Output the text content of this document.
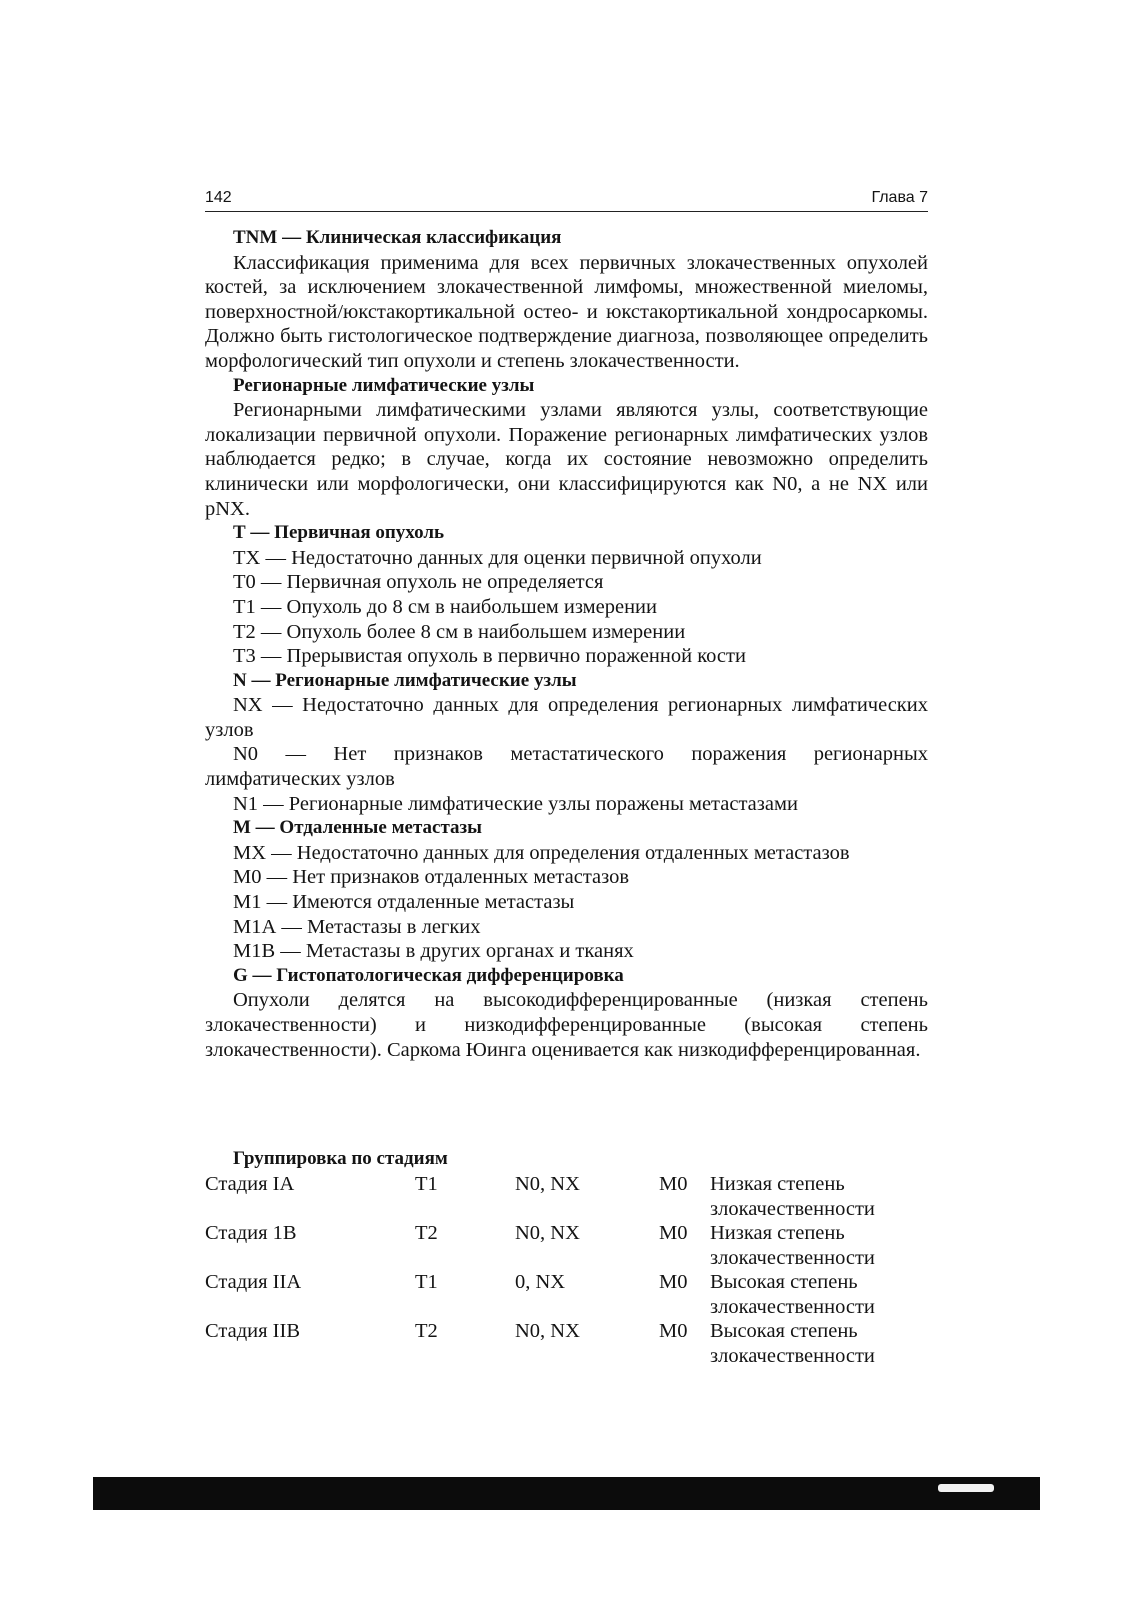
142	Глава 7

TNM — Клиническая классификация

Классификация применима для всех первичных злокачественных опухолей костей, за исключением злокачественной лимфомы, множественной миеломы, поверхностной/юкстакортикальной остео- и юкстакортикальной хондросаркомы. Должно быть гистологическое подтверждение диагноза, позволяющее определить морфологический тип опухоли и степень злокачественности.

Регионарные лимфатические узлы

Регионарными лимфатическими узлами являются узлы, соответствующие локализации первичной опухоли. Поражение регионарных лимфатических узлов наблюдается редко; в случае, когда их состояние невозможно определить клинически или морфологически, они классифицируются как N0, а не NX или pNX.

Т — Первичная опухоль

ТХ — Недостаточно данных для оценки первичной опухоли

Т0 — Первичная опухоль не определяется

Т1 — Опухоль до 8 см в наибольшем измерении

Т2 — Опухоль более 8 см в наибольшем измерении

Т3 — Прерывистая опухоль в первично пораженной кости

N — Регионарные лимфатические узлы

NX — Недостаточно данных для определения регионарных лимфатических узлов

N0 — Нет признаков метастатического поражения регионарных лимфатических узлов

N1 — Регионарные лимфатические узлы поражены метастазами

М — Отдаленные метастазы

МХ — Недостаточно данных для определения отдаленных метастазов

М0 — Нет признаков отдаленных метастазов

М1 — Имеются отдаленные метастазы

М1А — Метастазы в легких

М1В — Метастазы в других органах и тканях

G — Гистопатологическая дифференцировка

Опухоли делятся на высокодифференцированные (низкая степень злокачественности) и низкодифференцированные (высокая степень злокачественности). Саркома Юинга оценивается как низкодифференцированная.

Группировка по стадиям
Стадия IA	T1	N0, NX	M0 Низкая степень злокачественности
Стадия 1B	T2	N0, NX	M0 Низкая степень злокачественности
Стадия IIA	T1	0, NX	M0 Высокая степень злокачественности
Стадия IIB	T2	N0, NX	M0 Высокая степень злокачественности
